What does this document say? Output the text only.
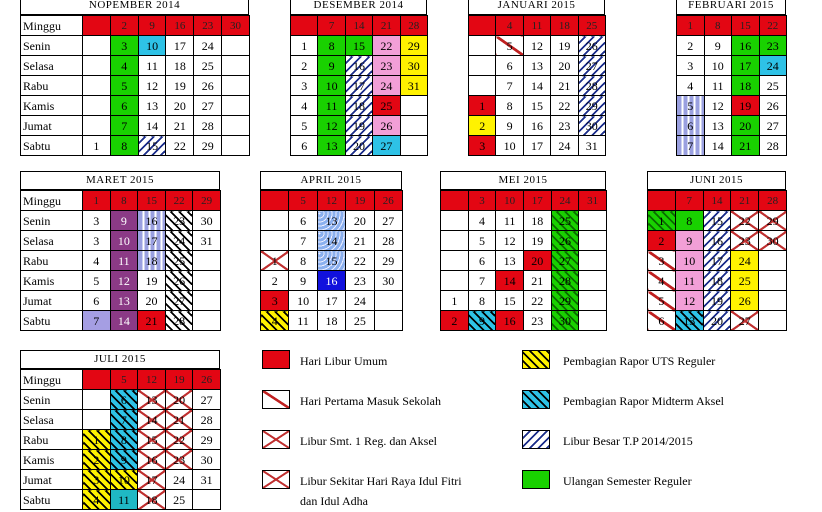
NOPEMBER 2014
Minggu		2	9	16	23	30
Senin		3	10	17	24	
Selasa		4	11	18	25	
Rabu		5	12	19	26	
Kamis		6	13	20	27	
Jumat		7	14	21	28	
Sabtu	1	8	15	22	29	
DESEMBER 2014
	7	14	21	28
1	8	15	22	29
2	9	16	23	30
3	10	17	24	31
4	11	18	25	
5	12	19	26	
6	13	20	27	
JANUARI 2015
	4	11	18	25
	5	12	19	26
	6	13	20	27
	7	14	21	28
1	8	15	22	29
2	9	16	23	30
3	10	17	24	31
FEBRUARI 2015
1	8	15	22
2	9	16	23
3	10	17	24
4	11	18	25
5	12	19	26
6	13	20	27
7	14	21	28
MARET 2015
Minggu	1	8	15	22	29
Senin	3	9	16	23	30
Selasa	3	10	17	24	31
Rabu	4	11	18	25	
Kamis	5	12	19	26	
Jumat	6	13	20	27	
Sabtu	7	14	21	28	
APRIL 2015
	5	12	19	26
	6	13	20	27
	7	14	21	28
1	8	15	22	29
2	9	16	23	30
3	10	17	24	
4	11	18	25	
MEI 2015
	3	10	17	24	31
	4	11	18	25	
	5	12	19	26	
	6	13	20	27	
	7	14	21	28	
1	8	15	22	29	
2	9	16	23	30	
JUNI 2015
	7	14	21	28
1	8	15	22	29
2	9	16	23	30
3	10	17	24	
4	11	18	25	
5	12	19	26	
6	13	20	27	
JULI 2015
Minggu		5	12	19	26
Senin		6	13	20	27
Selasa		7	14	21	28
Rabu	1	8	15	22	29
Kamis	2	9	16	23	30
Jumat	3	10	17	24	31
Sabtu	4	11	18	25	
Hari Libur Umum
Hari Pertama Masuk Sekolah
Libur Smt. 1 Reg. dan Aksel
Libur Sekitar Hari Raya Idul Fitri
dan Idul Adha
Pembagian Rapor UTS Reguler
Pembagian Rapor Midterm Aksel
Libur Besar T.P 2014/2015
Ulangan Semester Reguler
